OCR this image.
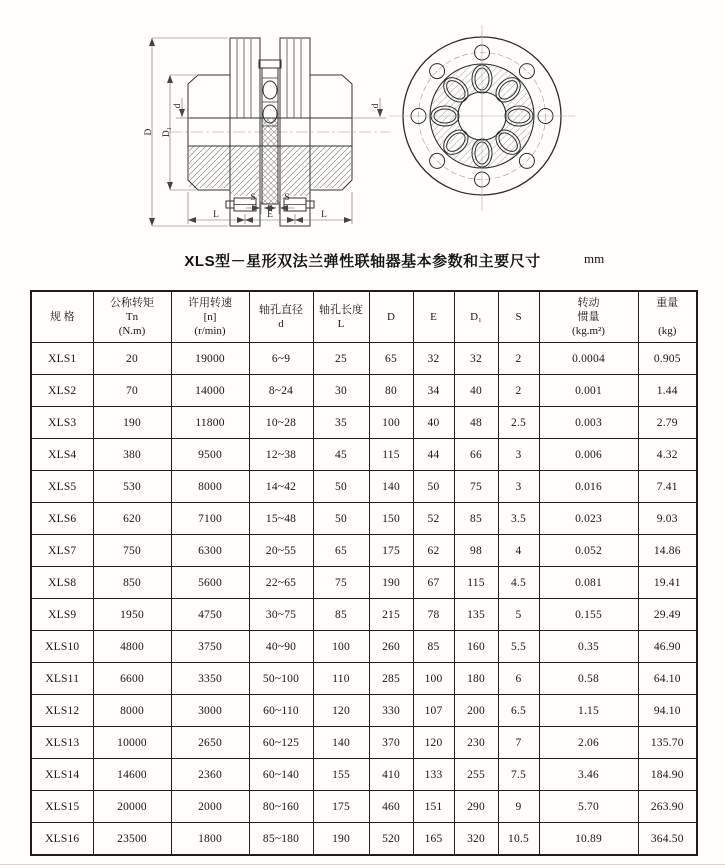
D D₁
d	d
S	S
L	E	L
XLS型－星形双法兰弹性联轴器基本参数和主要尺寸	mm
规 格

公称转矩
Tn
(N.m)

许用转速
[n]
(r/min)

轴孔直径
d

轴孔长度
L

D	E	D₁	S

转动
惯量
(kg.m²)

重量

(kg)

XLS1	20	19000	6~9	25	65	32	32	2	0.0004	0.905
XLS2	70	14000	8~24	30	80	34	40	2	0.001	1.44
XLS3	190	11800	10~28	35	100	40	48	2.5	0.003	2.79
XLS4	380	9500	12~38	45	115	44	66	3	0.006	4.32
XLS5	530	8000	14~42	50	140	50	75	3	0.016	7.41
XLS6	620	7100	15~48	50	150	52	85	3.5	0.023	9.03
XLS7	750	6300	20~55	65	175	62	98	4	0.052	14.86
XLS8	850	5600	22~65	75	190	67	115	4.5	0.081	19.41
XLS9	1950	4750	30~75	85	215	78	135	5	0.155	29.49
XLS10	4800	3750	40~90	100	260	85	160	5.5	0.35	46.90
XLS11	6600	3350	50~100	110	285	100	180	6	0.58	64.10
XLS12	8000	3000	60~110	120	330	107	200	6.5	1.15	94.10
XLS13	10000	2650	60~125	140	370	120	230	7	2.06	135.70
XLS14	14600	2360	60~140	155	410	133	255	7.5	3.46	184.90
XLS15	20000	2000	80~160	175	460	151	290	9	5.70	263.90
XLS16	23500	1800	85~180	190	520	165	320	10.5	10.89	364.50
